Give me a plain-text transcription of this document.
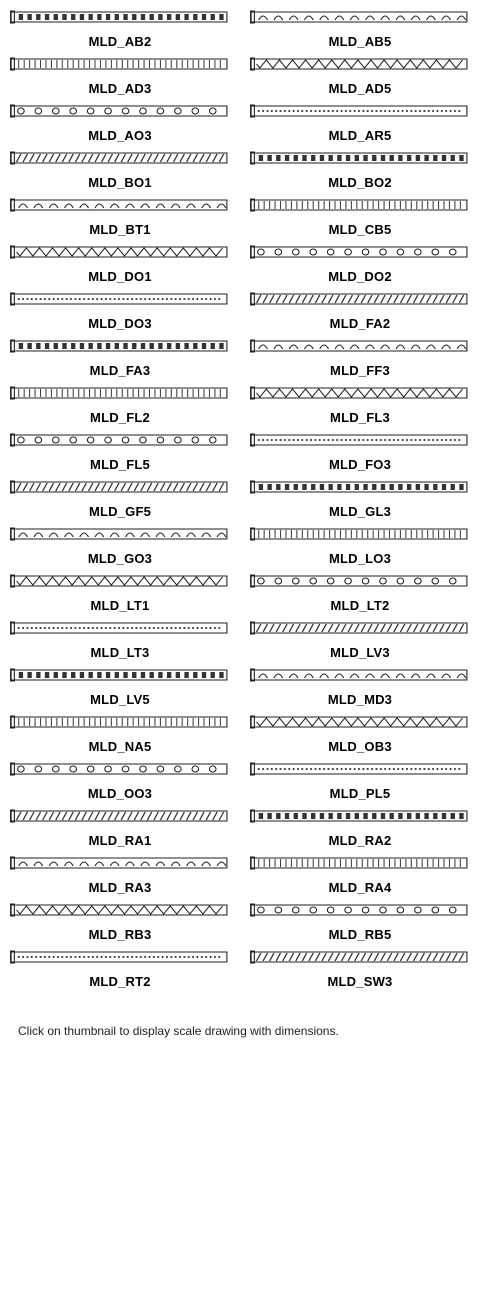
MLD_AB2	MLD_AB5
MLD_AD3	MLD_AD5
MLD_AO3	MLD_AR5
MLD_BO1	MLD_BO2
MLD_BT1	MLD_CB5
MLD_DO1	MLD_DO2
MLD_DO3	MLD_FA2
MLD_FA3	MLD_FF3
MLD_FL2	MLD_FL3
MLD_FL5	MLD_FO3
MLD_GF5	MLD_GL3
MLD_GO3	MLD_LO3
MLD_LT1	MLD_LT2
MLD_LT3	MLD_LV3
MLD_LV5	MLD_MD3
MLD_NA5	MLD_OB3
MLD_OO3	MLD_PL5
MLD_RA1	MLD_RA2
MLD_RA3	MLD_RA4
MLD_RB3	MLD_RB5
MLD_RT2	MLD_SW3
Click on thumbnail to display scale drawing with dimensions.
